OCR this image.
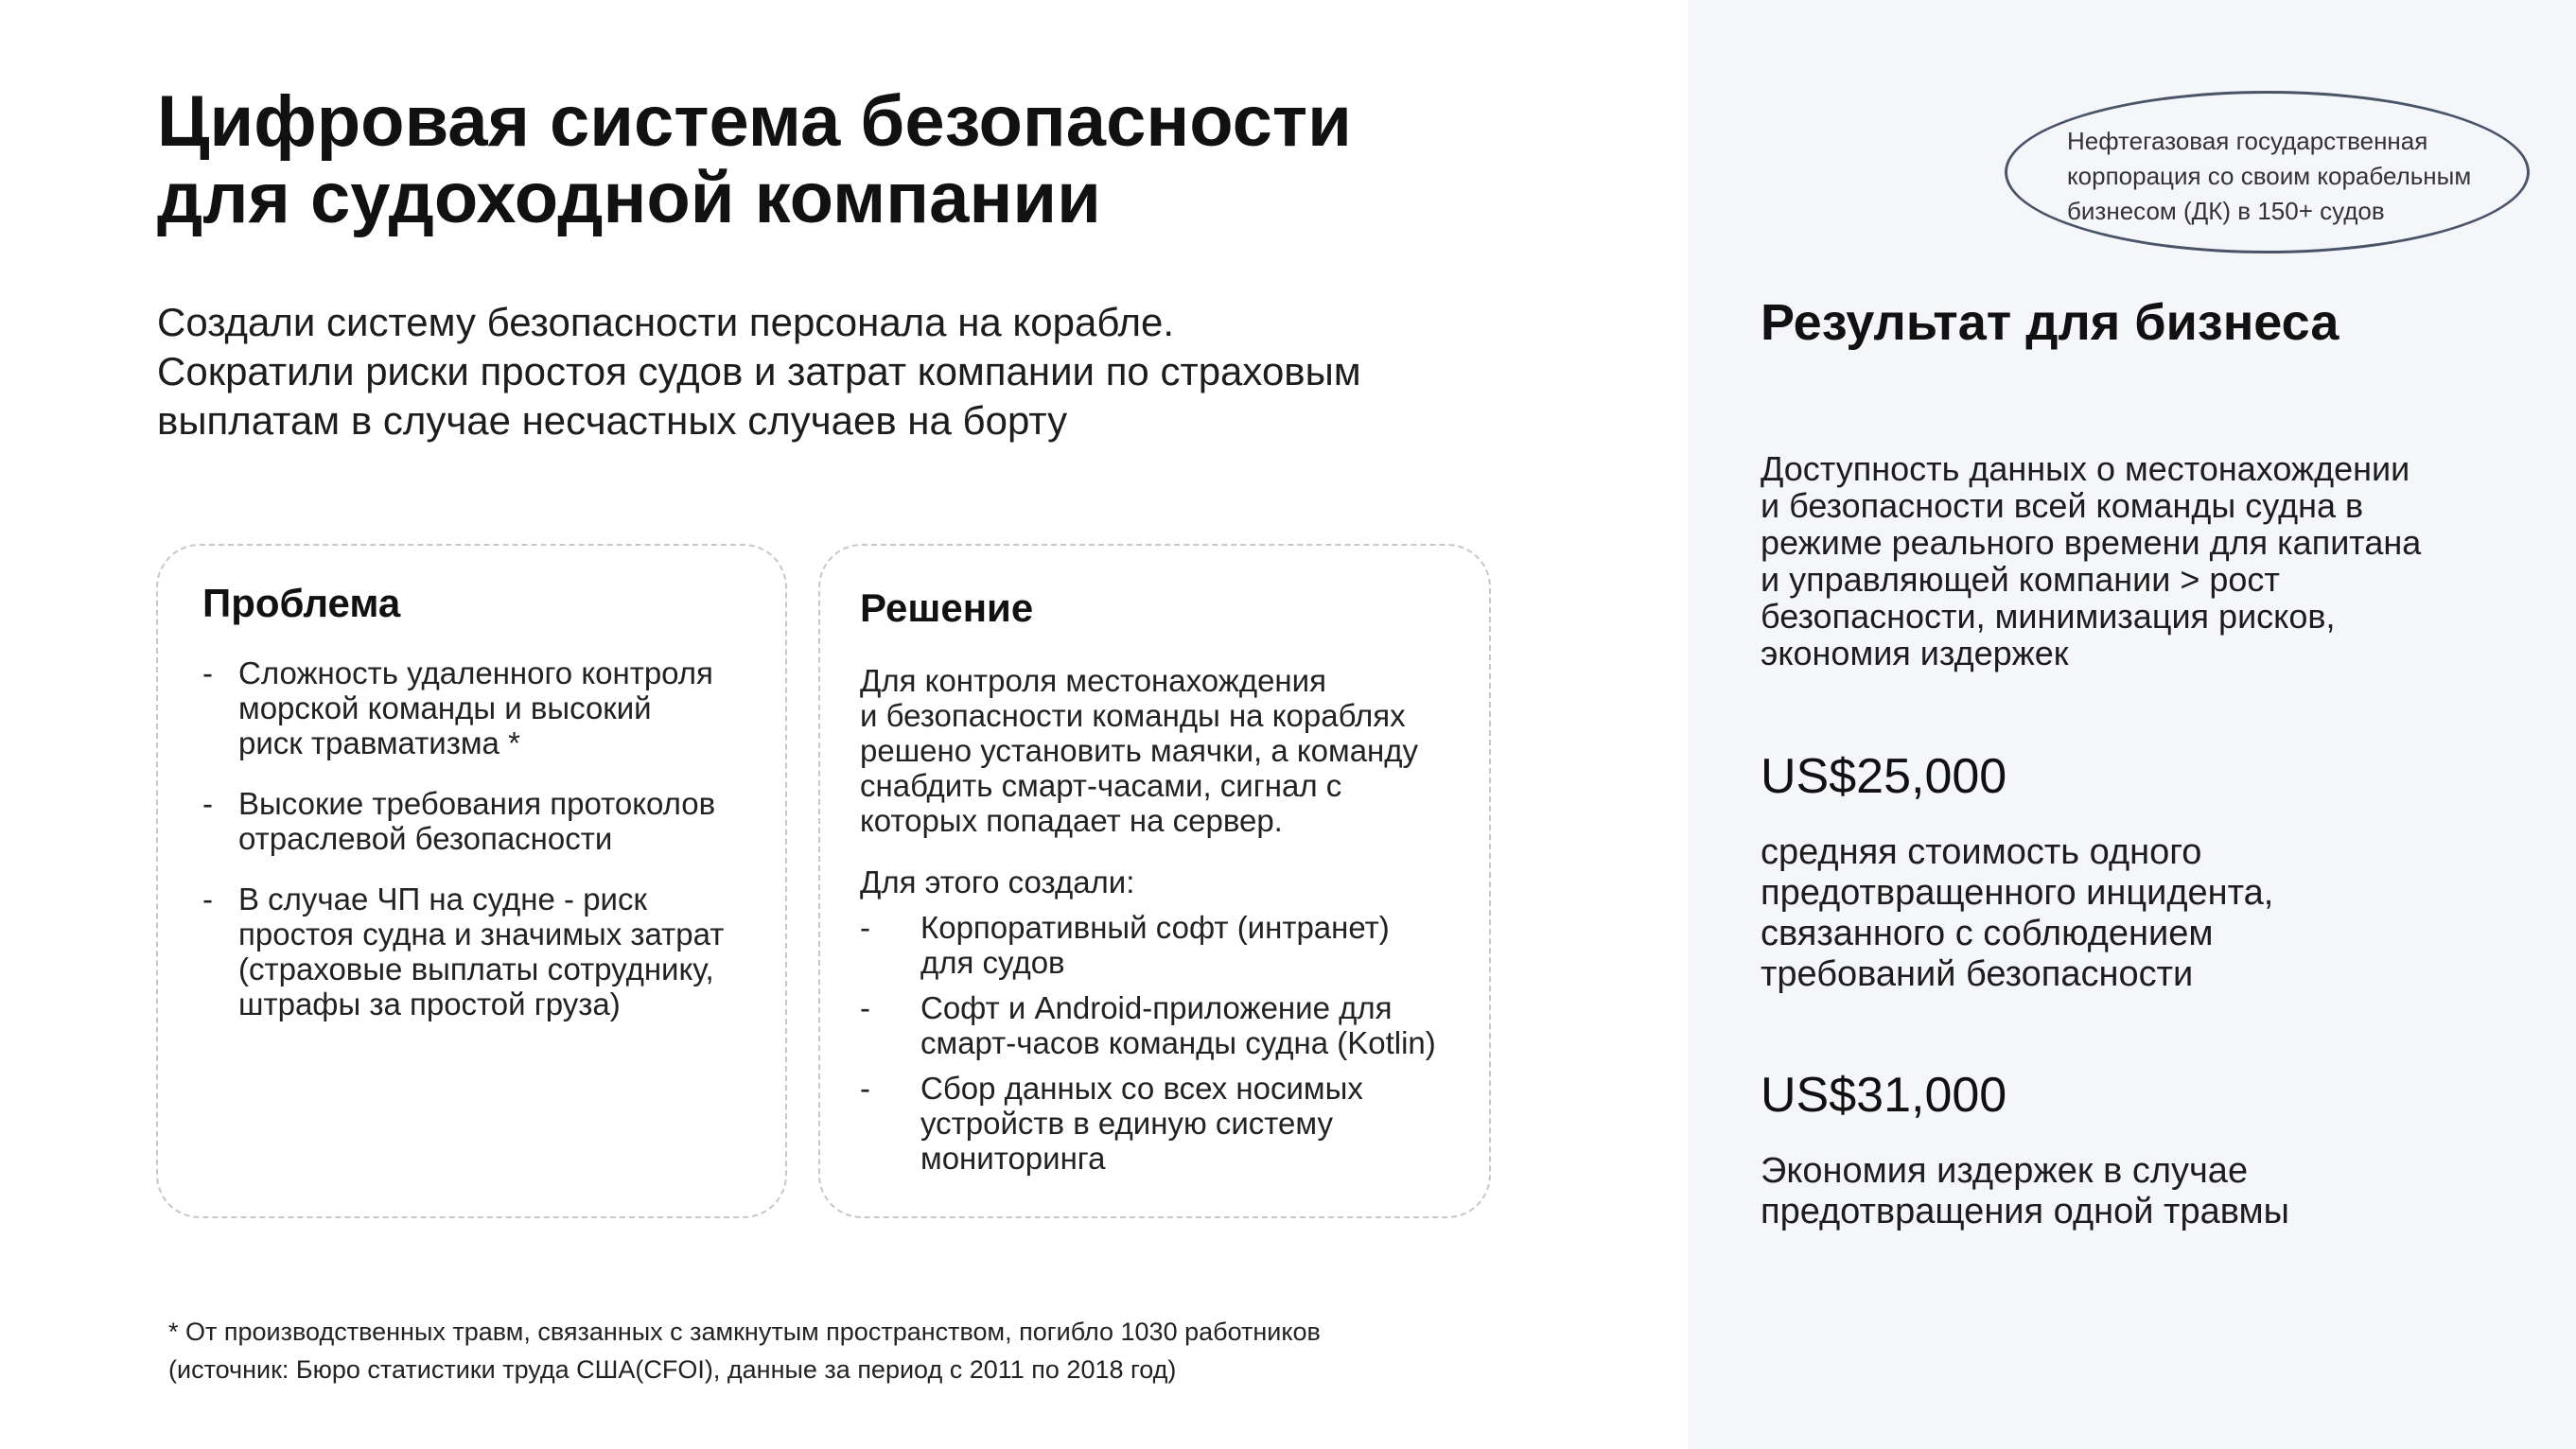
Цифровая система безопасности
для судоходной компании

Создали систему безопасности персонала на корабле.
Сократили риски простоя судов и затрат компании по страховым
выплатам в случае несчастных случаев на борту

Проблема
- Сложность удаленного контроля
морской команды и высокий
риск травматизма *
- Высокие требования протоколов
отраслевой безопасности
- В случае ЧП на судне - риск
простоя судна и значимых затрат
(страховые выплаты сотруднику,
штрафы за простой груза)
Решение

Для контроля местонахождения
и безопасности команды на кораблях
решено установить маячки, а команду
снабдить смарт-часами, сигнал с
которых попадает на сервер.

Для этого создали:

- Корпоративный софт (интранет)
для судов
- Софт и Android-приложение для
смарт-часов команды судна (Kotlin)
- Сбор данных со всех носимых
устройств в единую систему
мониторинга

* От производственных травм, связанных с замкнутым пространством, погибло 1030 работников
(источник: Бюро статистики труда США(CFOI), данные за период с 2011 по 2018 год)

Нефтегазовая государственная
корпорация со своим корабельным
бизнесом (ДК) в 150+ судов

Результат для бизнеса

Доступность данных о местонахождении
и безопасности всей команды судна в
режиме реального времени для капитана
и управляющей компании > рост
безопасности, минимизация рисков,
экономия издержек

US$25,000

средняя стоимость одного
предотвращенного инцидента,
связанного с соблюдением
требований безопасности

US$31,000

Экономия издержек в случае
предотвращения одной травмы
